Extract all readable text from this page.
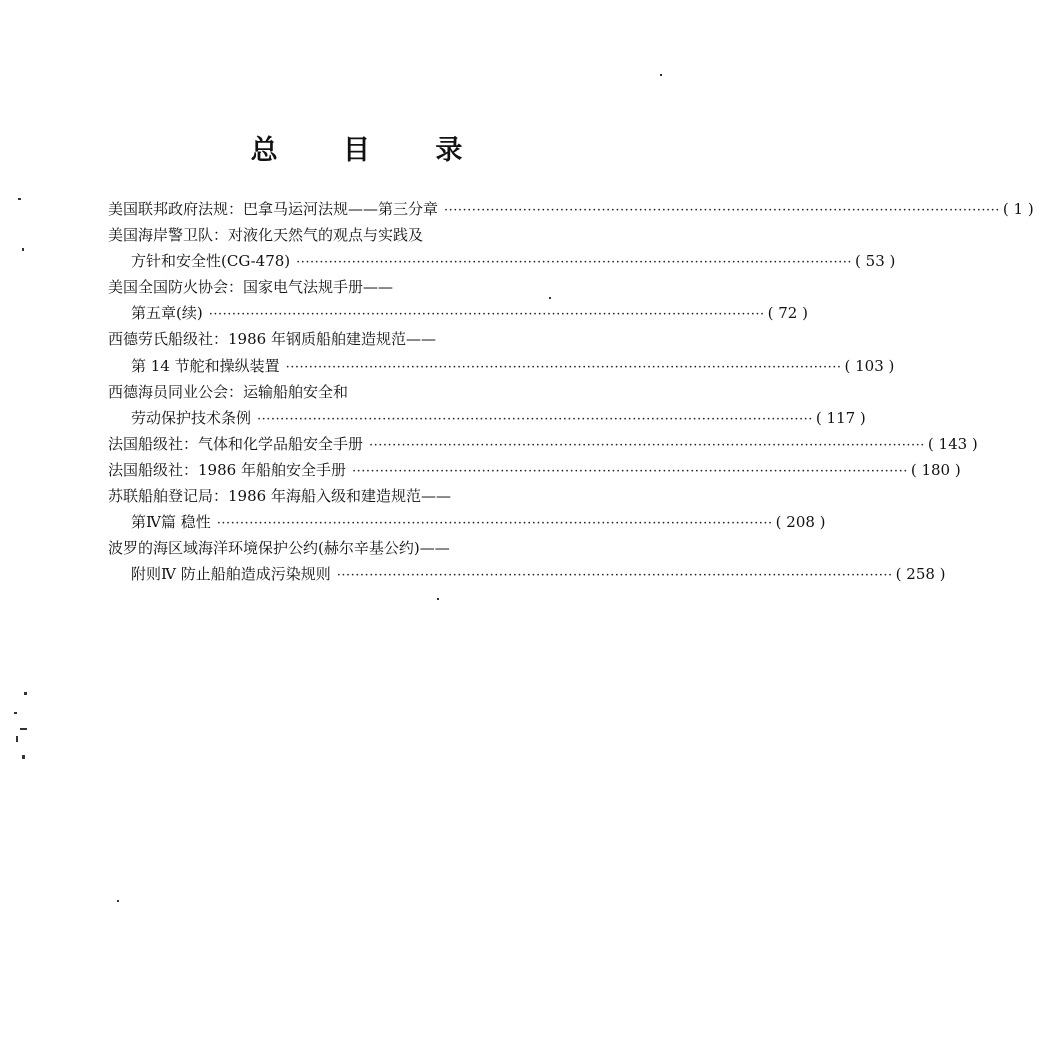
总 目 录
美国联邦政府法规：巴拿马运河法规——第三分章 ························································································································ ( 1 )
美国海岸警卫队：对液化天然气的观点与实践及
方针和安全性(CG-478) ························································································································ ( 53 )
美国全国防火协会：国家电气法规手册——
第五章(续) ························································································································ ( 72 )
西德劳氏船级社：1986 年钢质船舶建造规范——
第 14 节舵和操纵装置 ························································································································ ( 103 )
西德海员同业公会：运输船舶安全和
劳动保护技术条例 ························································································································ ( 117 )
法国船级社：气体和化学品船安全手册 ························································································································ ( 143 )
法国船级社：1986 年船舶安全手册 ························································································································ ( 180 )
苏联船舶登记局：1986 年海船入级和建造规范——
第Ⅳ篇 稳性 ························································································································ ( 208 )
波罗的海区域海洋环境保护公约(赫尔辛基公约)——
附则Ⅳ 防止船舶造成污染规则 ························································································································ ( 258 )
